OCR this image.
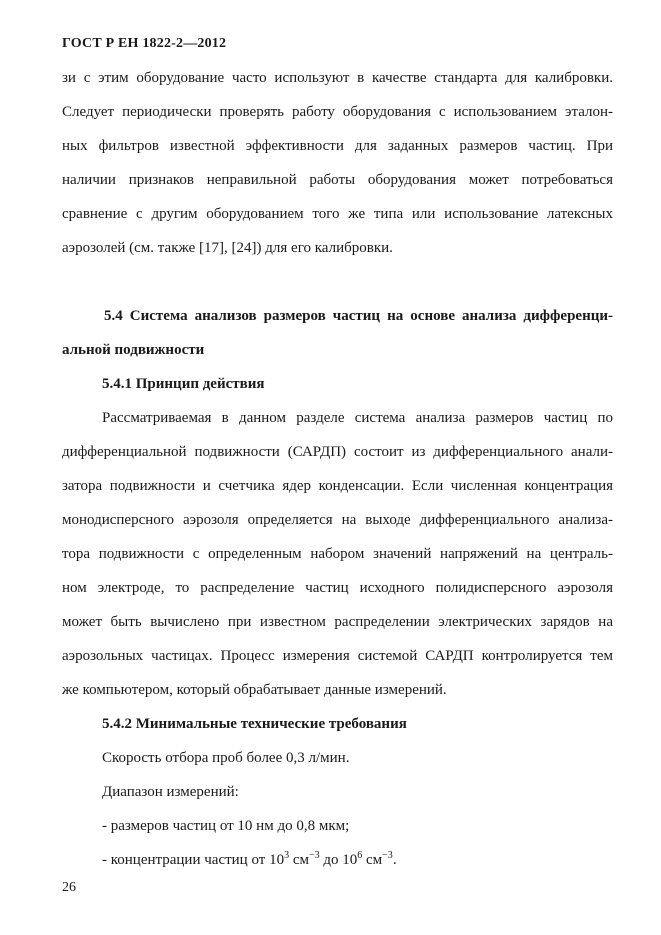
ГОСТ Р ЕН 1822-2—2012
зи с этим оборудование часто используют в качестве стандарта для калибровки.
Следует периодически проверять работу оборудования с использованием эталон-
ных фильтров известной эффективности для заданных размеров частиц. При
наличии признаков неправильной работы оборудования может потребоваться
сравнение с другим оборудованием того же типа или использование латексных
аэрозолей (см. также [17], [24]) для его калибровки.
5.4 Система анализов размеров частиц на основе анализа дифференци-
альной подвижности
5.4.1 Принцип действия
Рассматриваемая в данном разделе система анализа размеров частиц по
дифференциальной подвижности (САРДП) состоит из дифференциального анали-
затора подвижности и счетчика ядер конденсации. Если численная концентрация
монодисперсного аэрозоля определяется на выходе дифференциального анализа-
тора подвижности с определенным набором значений напряжений на централь-
ном электроде, то распределение частиц исходного полидисперсного аэрозоля
может быть вычислено при известном распределении электрических зарядов на
аэрозольных частицах. Процесс измерения системой САРДП контролируется тем
же компьютером, который обрабатывает данные измерений.
5.4.2 Минимальные технические требования
Скорость отбора проб более 0,3 л/мин.
Диапазон измерений:
- размеров частиц от 10 нм до 0,8 мкм;
- концентрации частиц от $10^3$ $см^{-3}$ до $10^6$ $см^{-3}$.
26
